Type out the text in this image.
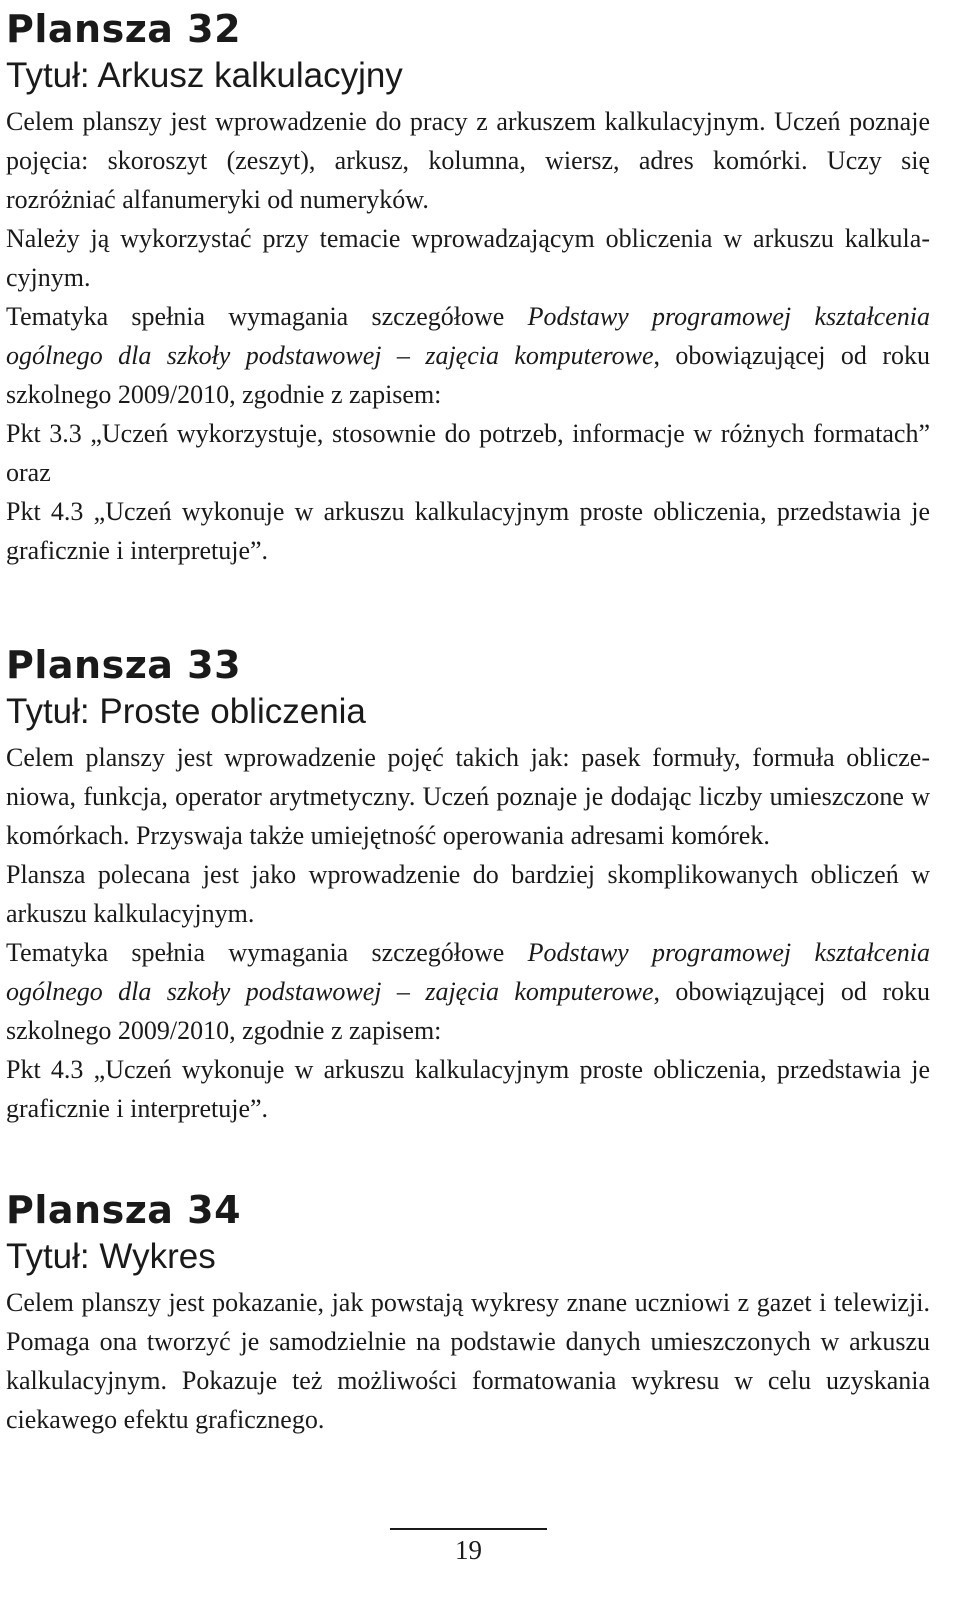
Plansza 32
Tytuł: Arkusz kalkulacyjny

Celem planszy jest wprowadzenie do pracy z arkuszem kalkulacyjnym. Uczeń poznaje pojęcia: skoroszyt (zeszyt), arkusz, kolumna, wiersz, adres komórki. Uczy się rozróżniać alfanumeryki od numeryków.

Należy ją wykorzystać przy temacie wprowadzającym obliczenia w arkuszu kalkulacyjnym.

Tematyka spełnia wymagania szczegółowe Podstawy programowej kształcenia ogólnego dla szkoły podstawowej – zajęcia komputerowe, obowiązującej od roku szkolnego 2009/2010, zgodnie z zapisem:

Pkt 3.3 „Uczeń wykorzystuje, stosownie do potrzeb, informacje w różnych formatach” oraz

Pkt 4.3 „Uczeń wykonuje w arkuszu kalkulacyjnym proste obliczenia, przedstawia je graficznie i interpretuje”.

Plansza 33
Tytuł: Proste obliczenia

Celem planszy jest wprowadzenie pojęć takich jak: pasek formuły, formuła obliczeniowa, funkcja, operator arytmetyczny. Uczeń poznaje je dodając liczby umieszczone w komórkach. Przyswaja także umiejętność operowania adresami komórek.

Plansza polecana jest jako wprowadzenie do bardziej skomplikowanych obliczeń w arkuszu kalkulacyjnym.

Tematyka spełnia wymagania szczegółowe Podstawy programowej kształcenia ogólnego dla szkoły podstawowej – zajęcia komputerowe, obowiązującej od roku szkolnego 2009/2010, zgodnie z zapisem:

Pkt 4.3 „Uczeń wykonuje w arkuszu kalkulacyjnym proste obliczenia, przedstawia je graficznie i interpretuje”.

Plansza 34
Tytuł: Wykres

Celem planszy jest pokazanie, jak powstają wykresy znane uczniowi z gazet i telewizji. Pomaga ona tworzyć je samodzielnie na podstawie danych umieszczonych w arkuszu kalkulacyjnym. Pokazuje też możliwości formatowania wykresu w celu uzyskania ciekawego efektu graficznego.

19
